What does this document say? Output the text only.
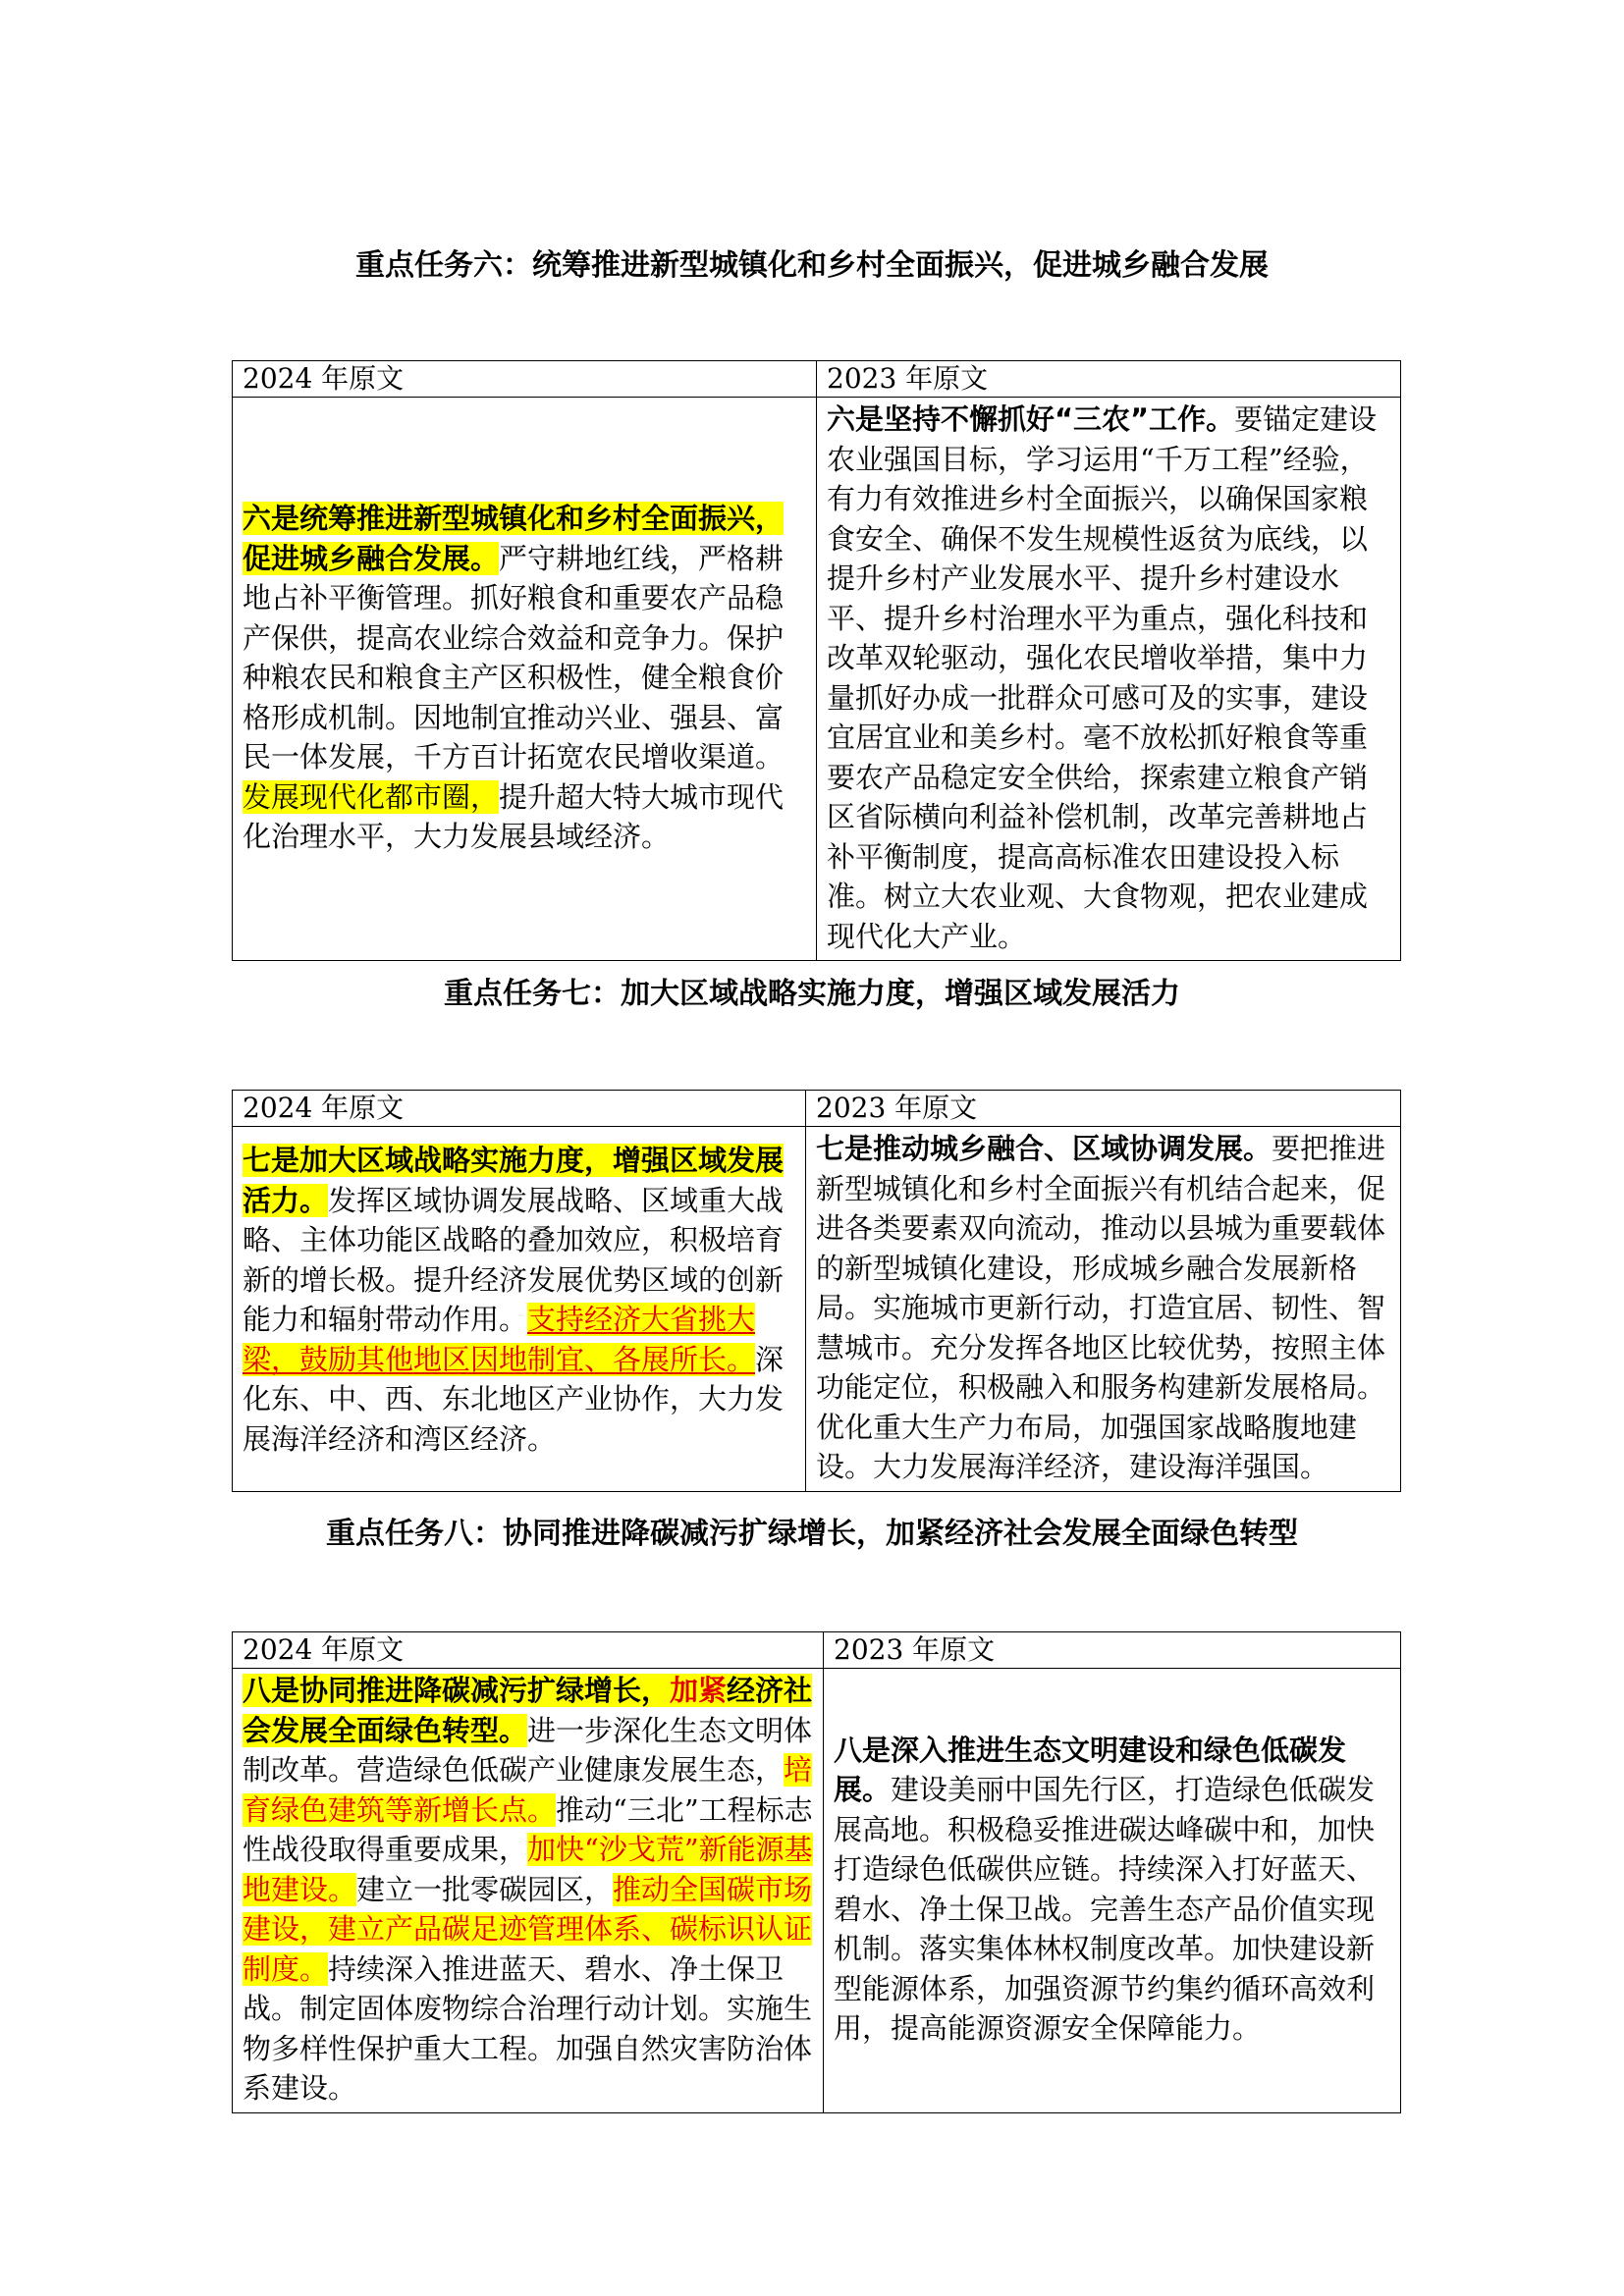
重点任务六：统筹推进新型城镇化和乡村全面振兴，促进城乡融合发展
2024 年原文	2023 年原文
六是统筹推进新型城镇化和乡村全面振兴，促进城乡融合发展。严守耕地红线，严格耕地占补平衡管理。抓好粮食和重要农产品稳产保供，提高农业综合效益和竞争力。保护种粮农民和粮食主产区积极性，健全粮食价格形成机制。因地制宜推动兴业、强县、富民一体发展，千方百计拓宽农民增收渠道。发展现代化都市圈，提升超大特大城市现代化治理水平，大力发展县域经济。	六是坚持不懈抓好“三农”工作。要锚定建设农业强国目标，学习运用“千万工程”经验，有力有效推进乡村全面振兴，以确保国家粮食安全、确保不发生规模性返贫为底线，以提升乡村产业发展水平、提升乡村建设水平、提升乡村治理水平为重点，强化科技和改革双轮驱动，强化农民增收举措，集中力量抓好办成一批群众可感可及的实事，建设宜居宜业和美乡村。毫不放松抓好粮食等重要农产品稳定安全供给，探索建立粮食产销区省际横向利益补偿机制，改革完善耕地占补平衡制度，提高高标准农田建设投入标准。树立大农业观、大食物观，把农业建成现代化大产业。
重点任务七：加大区域战略实施力度，增强区域发展活力
2024 年原文	2023 年原文
七是加大区域战略实施力度，增强区域发展活力。发挥区域协调发展战略、区域重大战略、主体功能区战略的叠加效应，积极培育新的增长极。提升经济发展优势区域的创新能力和辐射带动作用。支持经济大省挑大梁，鼓励其他地区因地制宜、各展所长。深化东、中、西、东北地区产业协作，大力发展海洋经济和湾区经济。	七是推动城乡融合、区域协调发展。要把推进新型城镇化和乡村全面振兴有机结合起来，促进各类要素双向流动，推动以县城为重要载体的新型城镇化建设，形成城乡融合发展新格局。实施城市更新行动，打造宜居、韧性、智慧城市。充分发挥各地区比较优势，按照主体功能定位，积极融入和服务构建新发展格局。优化重大生产力布局，加强国家战略腹地建设。大力发展海洋经济，建设海洋强国。
重点任务八：协同推进降碳减污扩绿增长，加紧经济社会发展全面绿色转型
2024 年原文	2023 年原文
八是协同推进降碳减污扩绿增长，加紧经济社会发展全面绿色转型。进一步深化生态文明体制改革。营造绿色低碳产业健康发展生态，培育绿色建筑等新增长点。推动“三北”工程标志性战役取得重要成果，加快“沙戈荒”新能源基地建设。建立一批零碳园区，推动全国碳市场建设，建立产品碳足迹管理体系、碳标识认证制度。持续深入推进蓝天、碧水、净土保卫战。制定固体废物综合治理行动计划。实施生物多样性保护重大工程。加强自然灾害防治体系建设。	八是深入推进生态文明建设和绿色低碳发展。建设美丽中国先行区，打造绿色低碳发展高地。积极稳妥推进碳达峰碳中和，加快打造绿色低碳供应链。持续深入打好蓝天、碧水、净土保卫战。完善生态产品价值实现机制。落实集体林权制度改革。加快建设新型能源体系，加强资源节约集约循环高效利用，提高能源资源安全保障能力。
